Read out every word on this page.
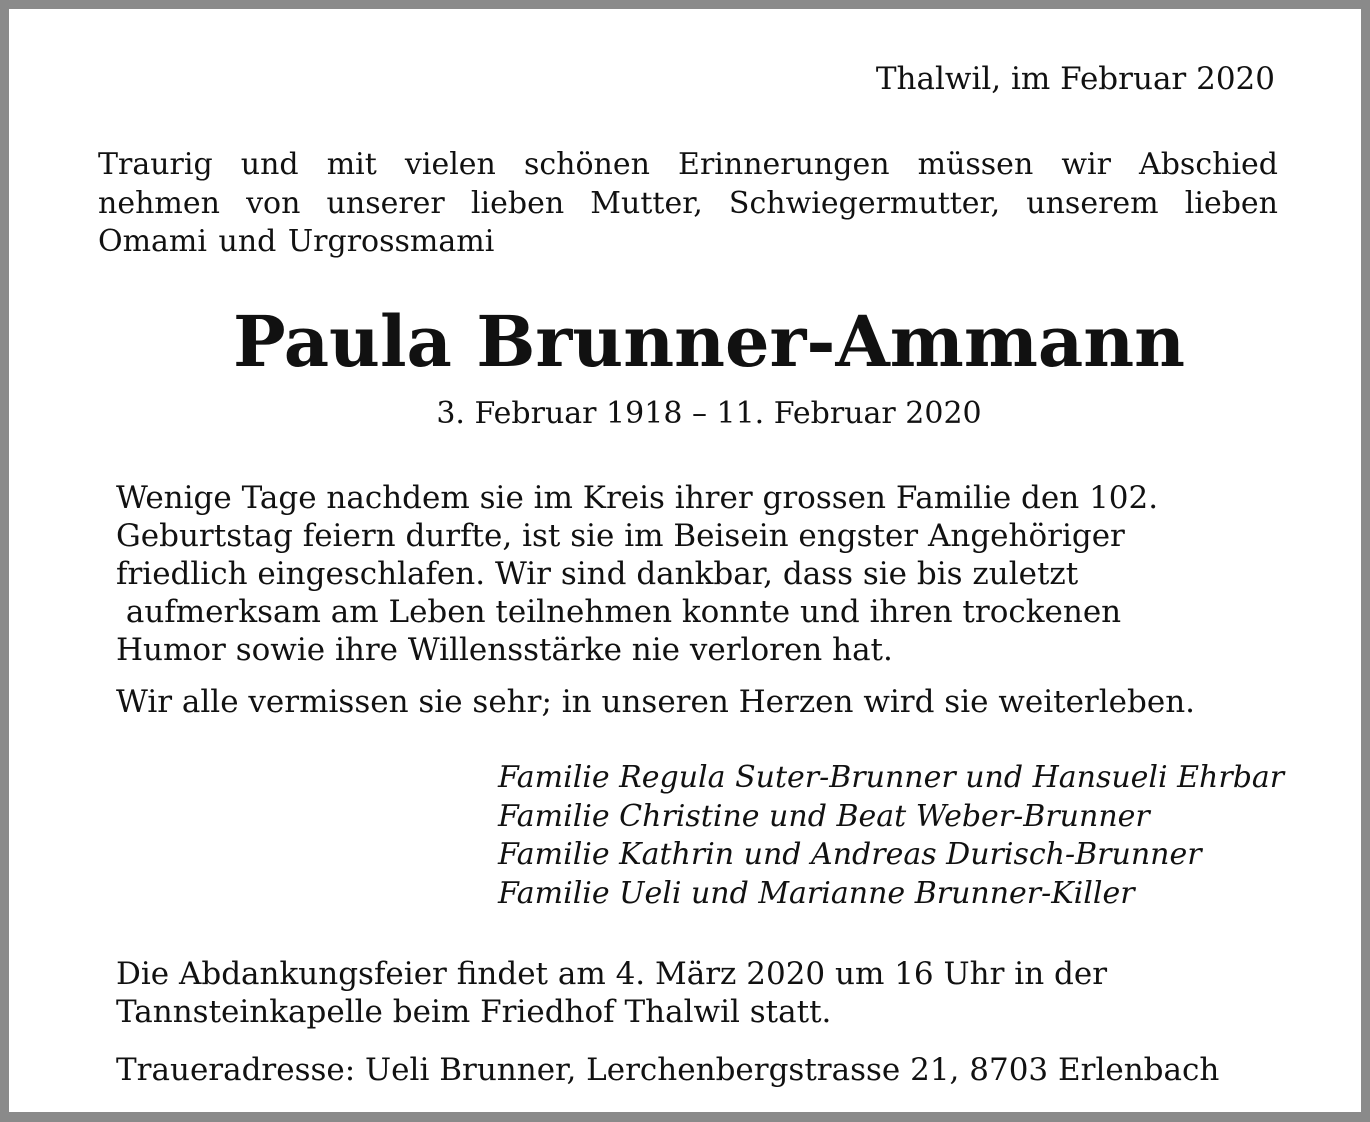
Thalwil, im Februar 2020
Traurig und mit vielen schönen Erinnerungen müssen wir Abschied nehmen von unserer lieben Mutter, Schwiegermutter, unserem lieben Omami und Urgrossmami
Paula Brunner-Ammann
3. Februar 1918 – 11. Februar 2020
Wenige Tage nachdem sie im Kreis ihrer grossen Familie den 102.
Geburtstag feiern durfte, ist sie im Beisein engster Angehöriger
friedlich eingeschlafen. Wir sind dankbar, dass sie bis zuletzt
aufmerksam am Leben teilnehmen konnte und ihren trockenen
Humor sowie ihre Willensstärke nie verloren hat.
Wir alle vermissen sie sehr; in unseren Herzen wird sie weiterleben.
Familie Regula Suter-Brunner und Hansueli Ehrbar
Familie Christine und Beat Weber-Brunner
Familie Kathrin und Andreas Durisch-Brunner
Familie Ueli und Marianne Brunner-Killer
Die Abdankungsfeier findet am 4. März 2020 um 16 Uhr in der
Tannsteinkapelle beim Friedhof Thalwil statt.
Traueradresse: Ueli Brunner, Lerchenbergstrasse 21, 8703 Erlenbach
